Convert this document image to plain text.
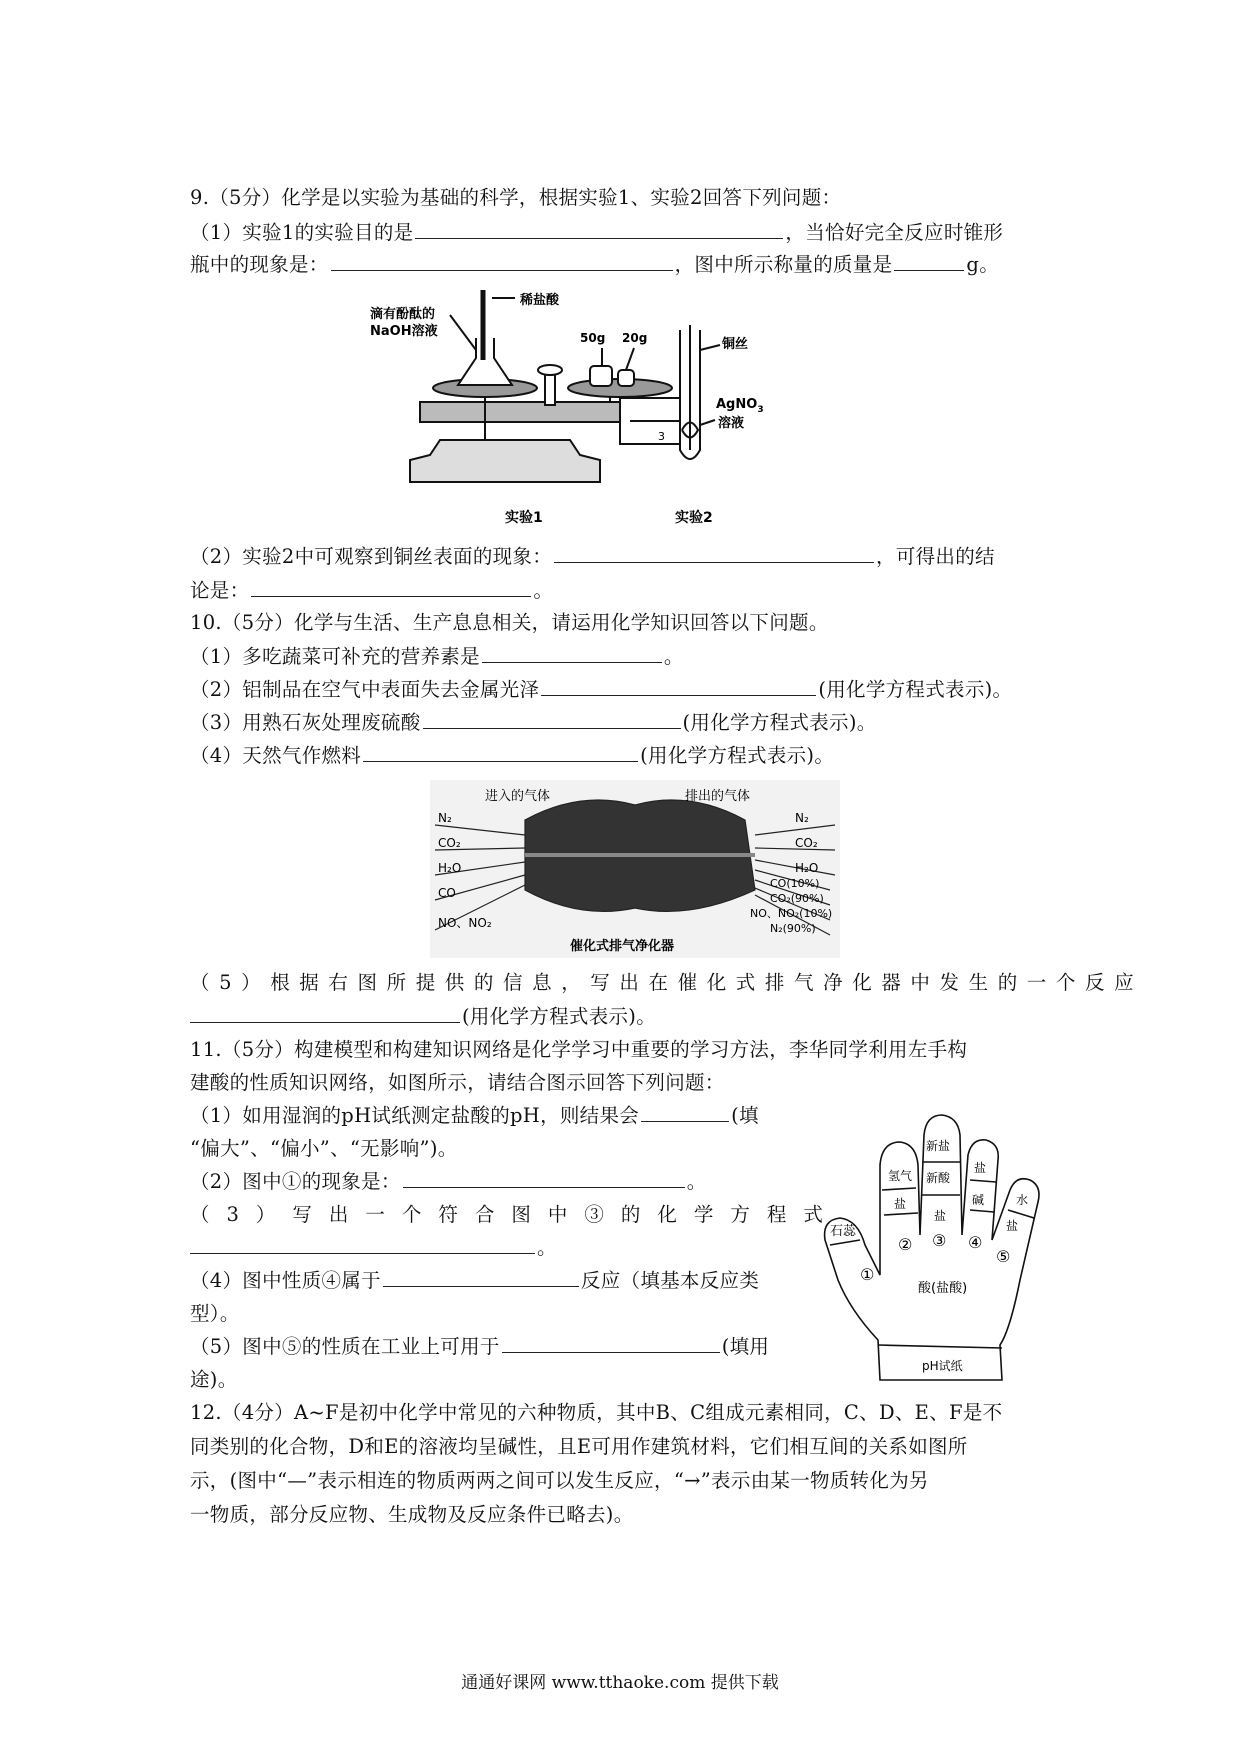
9.（5分）化学是以实验为基础的科学，根据实验1、实验2回答下列问题：
（1）实验1的实验目的是	，当恰好完全反应时锥形
瓶中的现象是：	，图中所示称量的质量是	g。
滴有酚酞的
NaOH溶液
稀盐酸
50g 20g
3
铜丝
AgNO$_3$
溶液
实验1	实验2
（2）实验2中可观察到铜丝表面的现象：	，可得出的结
论是：	。
10.（5分）化学与生活、生产息息相关，请运用化学知识回答以下问题。
（1）多吃蔬菜可补充的营养素是	。
（2）铝制品在空气中表面失去金属光泽	(用化学方程式表示)。
（3）用熟石灰处理废硫酸	(用化学方程式表示)。
（4）天然气作燃料	(用化学方程式表示)。
进入的气体	排出的气体
N₂
CO₂
H₂O
CO
NO、NO₂
N₂
CO₂
H₂O
CO(10%)
CO₂(90%)
NO、NO₂(10%)
N₂(90%)
催化式排气净化器
（5）根据右图所提供的信息，写出在催化式排气净化器中发生的一个反应
(用化学方程式表示)。
11.（5分）构建模型和构建知识网络是化学学习中重要的学习方法，李华同学利用左手构
建酸的性质知识网络，如图所示，请结合图示回答下列问题：
（1）如用湿润的pH试纸测定盐酸的pH，则结果会	(填
“偏大”、“偏小”、“无影响”)。
（2）图中①的现象是：	。
（3）写出一个符合图中③的化学方程式
。
（4）图中性质④属于	反应（填基本反应类
型）。
（5）图中⑤的性质在工业上可用于	(填用
途)。
石蕊
氢气
盐
新盐
新酸
盐
盐
碱	水
盐
①
② ③ ④
⑤
酸(盐酸)
pH试纸
12.（4分）A~F是初中化学中常见的六种物质，其中B、C组成元素相同，C、D、E、F是不
同类别的化合物，D和E的溶液均呈碱性，且E可用作建筑材料，它们相互间的关系如图所
示，(图中“—”表示相连的物质两两之间可以发生反应，“→”表示由某一物质转化为另
一物质，部分反应物、生成物及反应条件已略去)。
通通好课网 www.tthaoke.com 提供下载
